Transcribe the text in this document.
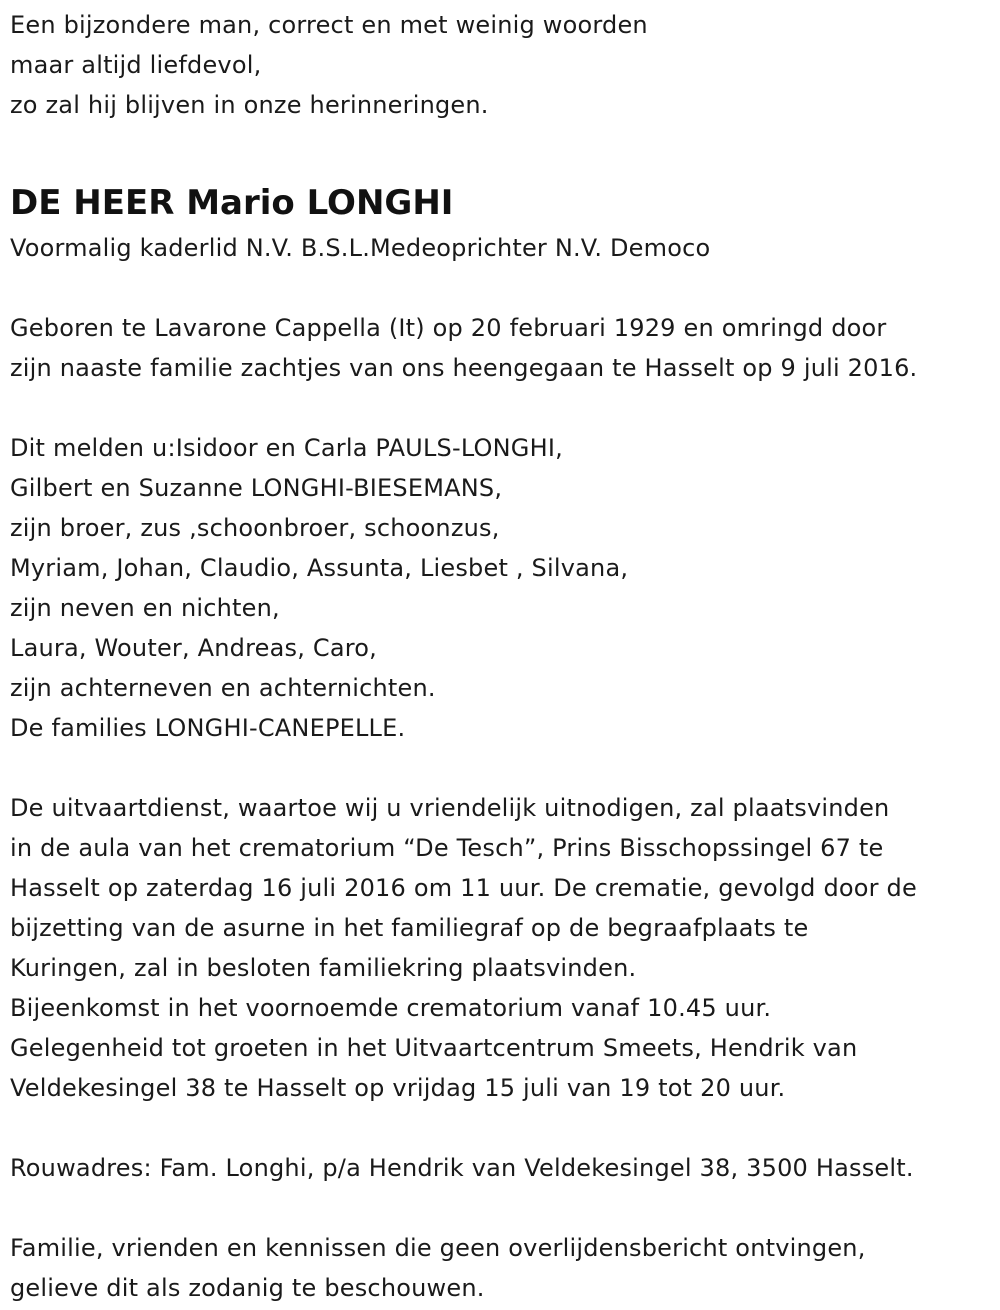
Een bijzondere man, correct en met weinig woorden
maar altijd liefdevol,
zo zal hij blijven in onze herinneringen.
DE HEER Mario LONGHI
Voormalig kaderlid N.V. B.S.L.Medeoprichter N.V. Democo
Geboren te Lavarone Cappella (It) op 20 februari 1929 en omringd door
zijn naaste familie zachtjes van ons heengegaan te Hasselt op 9 juli 2016.
Dit melden u:Isidoor en Carla PAULS-LONGHI,
Gilbert en Suzanne LONGHI-BIESEMANS,
zijn broer, zus ,schoonbroer, schoonzus,
Myriam, Johan, Claudio, Assunta, Liesbet , Silvana,
zijn neven en nichten,
Laura, Wouter, Andreas, Caro,
zijn achterneven en achternichten.
De families LONGHI-CANEPELLE.
De uitvaartdienst, waartoe wij u vriendelijk uitnodigen, zal plaatsvinden
in de aula van het crematorium “De Tesch”, Prins Bisschopssingel 67 te
Hasselt op zaterdag 16 juli 2016 om 11 uur. De crematie, gevolgd door de
bijzetting van de asurne in het familiegraf op de begraafplaats te
Kuringen, zal in besloten familiekring plaatsvinden.
Bijeenkomst in het voornoemde crematorium vanaf 10.45 uur.
Gelegenheid tot groeten in het Uitvaartcentrum Smeets, Hendrik van
Veldekesingel 38 te Hasselt op vrijdag 15 juli van 19 tot 20 uur.
Rouwadres: Fam. Longhi, p/a Hendrik van Veldekesingel 38, 3500 Hasselt.
Familie, vrienden en kennissen die geen overlijdensbericht ontvingen,
gelieve dit als zodanig te beschouwen.
